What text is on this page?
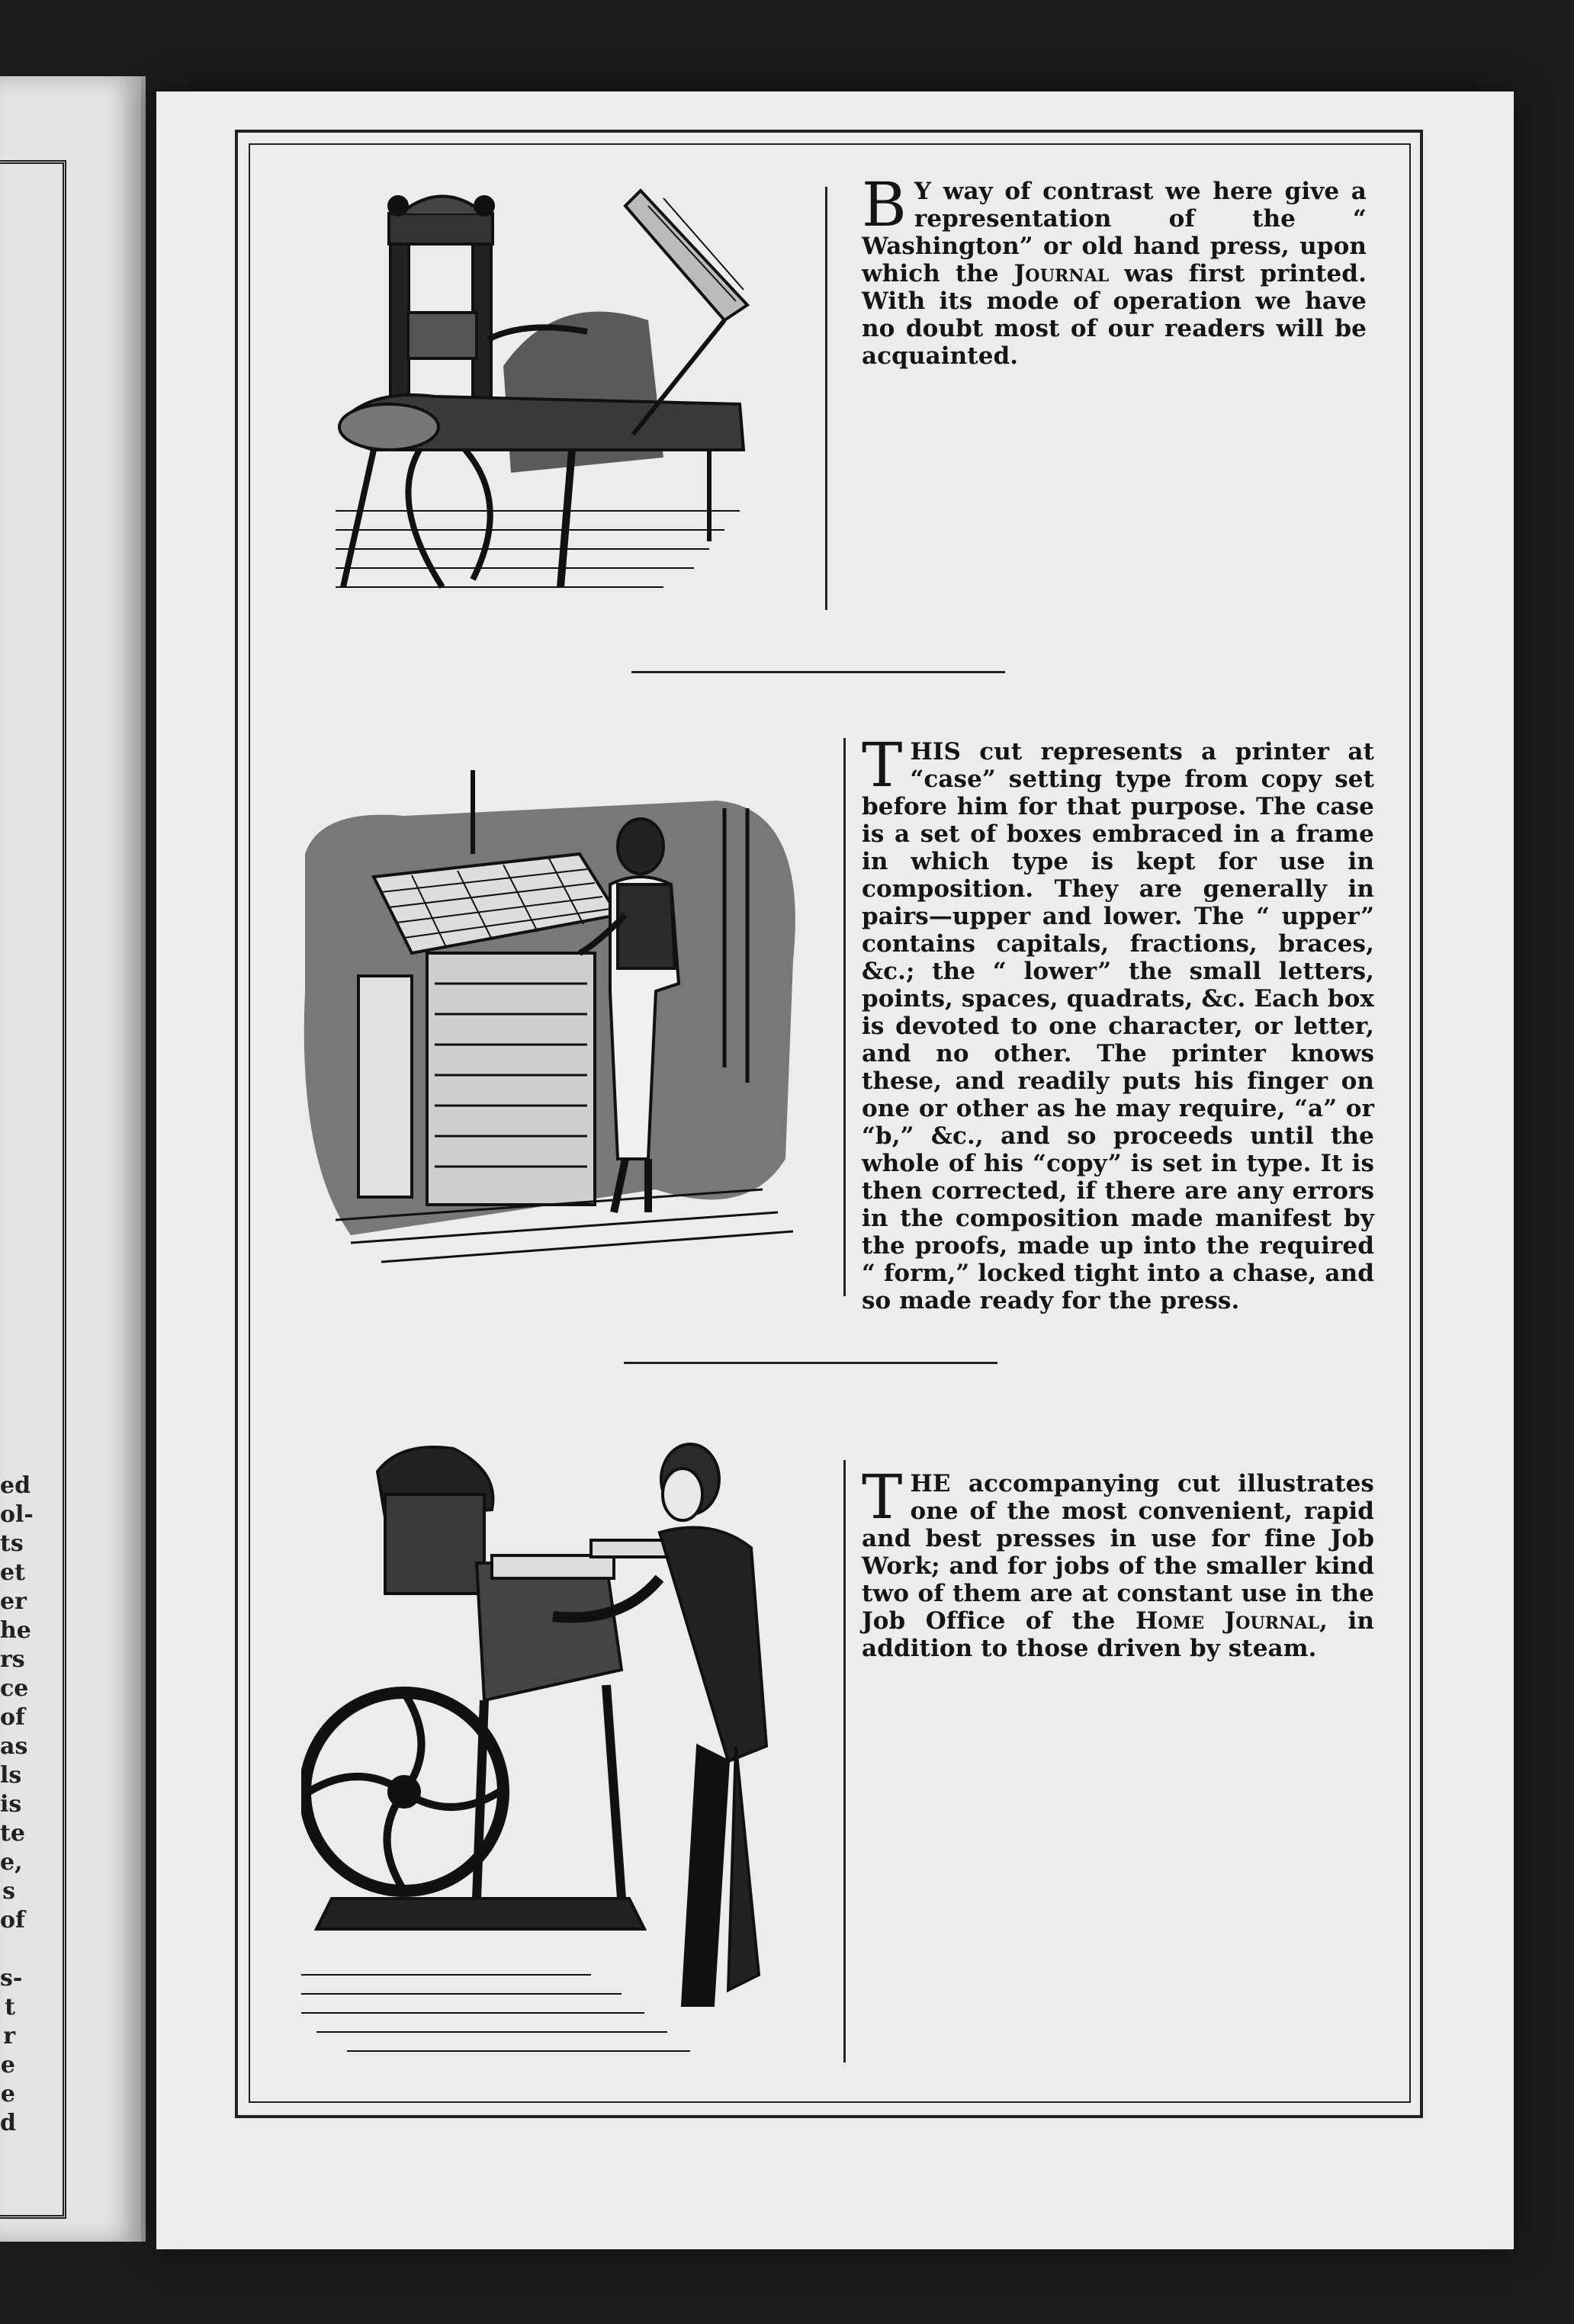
ed
ol-
ts
et
er
he
rs
ce
of
as
ls
is
te
e,
s
of

s-
t
r
e
e
d
B Y way of contrast we here give a representation of the “ Washington” or old hand press, upon which the Journal was first printed. With its mode of operation we have no doubt most of our readers will be acquainted.
THIS cut represents a printer at “case” setting type from copy set before him for that purpose. The case is a set of boxes embraced in a frame in which type is kept for use in composition. They are generally in pairs—upper and lower. The “ upper” contains capitals, fractions, braces, &c.; the “ lower” the small letters, points, spaces, quadrats, &c. Each box is devoted to one character, or letter, and no other. The printer knows these, and readily puts his finger on one or other as he may require, “a” or “b,” &c., and so proceeds until the whole of his “copy” is set in type. It is then corrected, if there are any errors in the composition made manifest by the proofs, made up into the required “ form,” locked tight into a chase, and so made ready for the press.
THE accompanying cut illustrates one of the most convenient, rapid and best presses in use for fine Job Work; and for jobs of the smaller kind two of them are at constant use in the Job Office of the Home Journal, in addition to those driven by steam.
